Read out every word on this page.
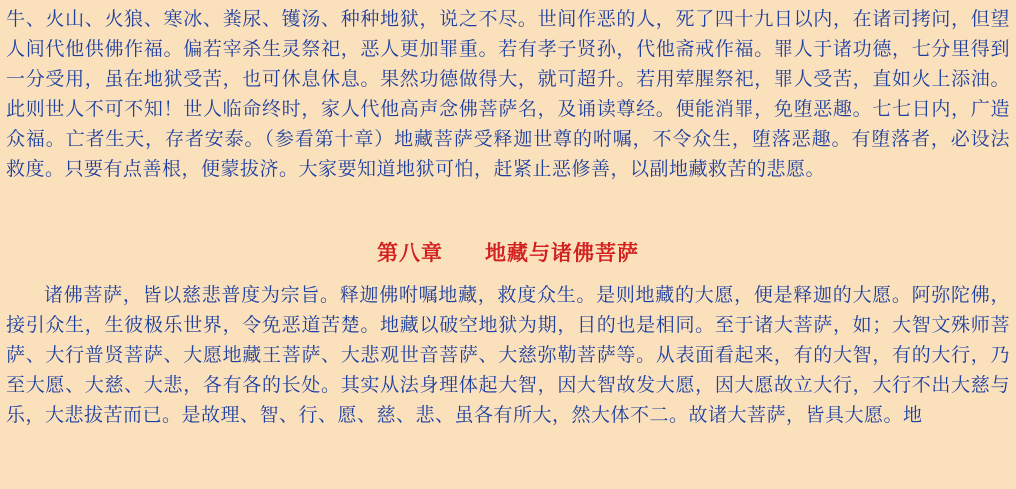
牛、火山、火狼、寒冰、粪尿、镬汤、种种地狱，说之不尽。世间作恶的人，死了四十九日以内，在诸司拷问，但望人间代他供佛作福。偏若宰杀生灵祭祀，恶人更加罪重。若有孝子贤孙，代他斋戒作福。罪人于诸功德，七分里得到一分受用，虽在地狱受苦，也可休息休息。果然功德做得大，就可超升。若用荤腥祭祀，罪人受苦，直如火上添油。此则世人不可不知！世人临命终时，家人代他高声念佛菩萨名，及诵读尊经。便能消罪，免堕恶趣。七七日内，广造众福。亡者生天，存者安泰。（参看第十章）地藏菩萨受释迦世尊的咐嘱，不令众生，堕落恶趣。有堕落者，必设法救度。只要有点善根，便蒙拔济。大家要知道地狱可怕，赶紧止恶修善，以副地藏救苦的悲愿。

第八章 地藏与诸佛菩萨

诸佛菩萨，皆以慈悲普度为宗旨。释迦佛咐嘱地藏，救度众生。是则地藏的大愿，便是释迦的大愿。阿弥陀佛，接引众生，生彼极乐世界，令免恶道苦楚。地藏以破空地狱为期，目的也是相同。至于诸大菩萨，如；大智文殊师菩萨、大行普贤菩萨、大愿地藏王菩萨、大悲观世音菩萨、大慈弥勒菩萨等。从表面看起来，有的大智，有的大行，乃至大愿、大慈、大悲，各有各的长处。其实从法身理体起大智，因大智故发大愿，因大愿故立大行，大行不出大慈与乐，大悲拔苦而已。是故理、智、行、愿、慈、悲、虽各有所大，然大体不二。故诸大菩萨，皆具大愿。地
